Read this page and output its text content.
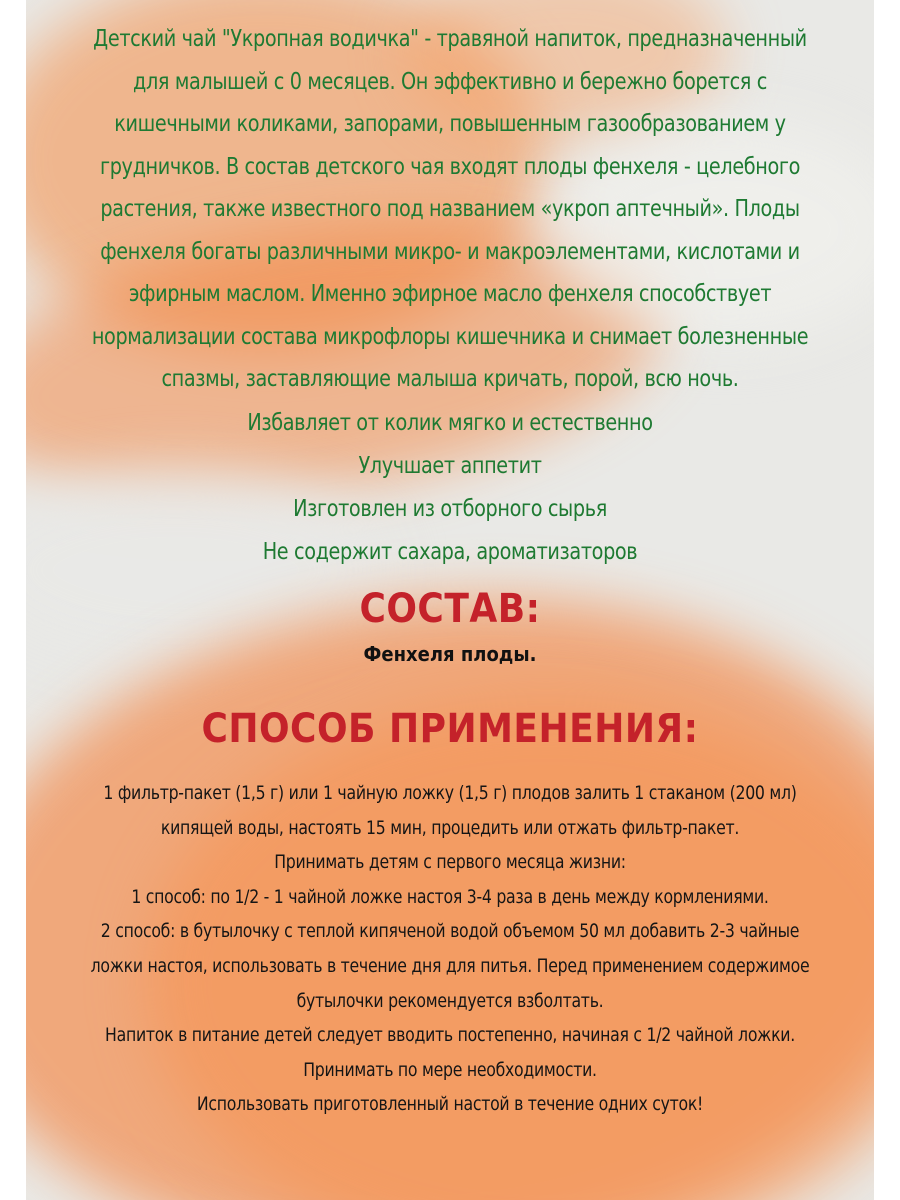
Детский чай "Укропная водичка" - травяной напиток, предназначенный для малышей с 0 месяцев. Он эффективно и бережно борется с кишечными коликами, запорами, повышенным газообразованием у грудничков. В состав детского чая входят плоды фенхеля - целебного растения, также известного под названием «укроп аптечный». Плоды фенхеля богаты различными микро- и макроэлементами, кислотами и эфирным маслом. Именно эфирное масло фенхеля способствует нормализации состава микрофлоры кишечника и снимает болезненные спазмы, заставляющие малыша кричать, порой, всю ночь.
Избавляет от колик мягко и естественно
Улучшает аппетит
Изготовлен из отборного сырья
Не содержит сахара, ароматизаторов
СОСТАВ:
Фенхеля плоды.
СПОСОБ ПРИМЕНЕНИЯ:
1 фильтр-пакет (1,5 г) или 1 чайную ложку (1,5 г) плодов залить 1 стаканом (200 мл) кипящей воды, настоять 15 мин, процедить или отжать фильтр-пакет.
Принимать детям с первого месяца жизни:
1 способ: по 1/2 - 1 чайной ложке настоя 3-4 раза в день между кормлениями.
2 способ: в бутылочку с теплой кипяченой водой объемом 50 мл добавить 2-3 чайные ложки настоя, использовать в течение дня для питья. Перед применением содержимое бутылочки рекомендуется взболтать.
Напиток в питание детей следует вводить постепенно, начиная с 1/2 чайной ложки.
Принимать по мере необходимости.
Использовать приготовленный настой в течение одних суток!
